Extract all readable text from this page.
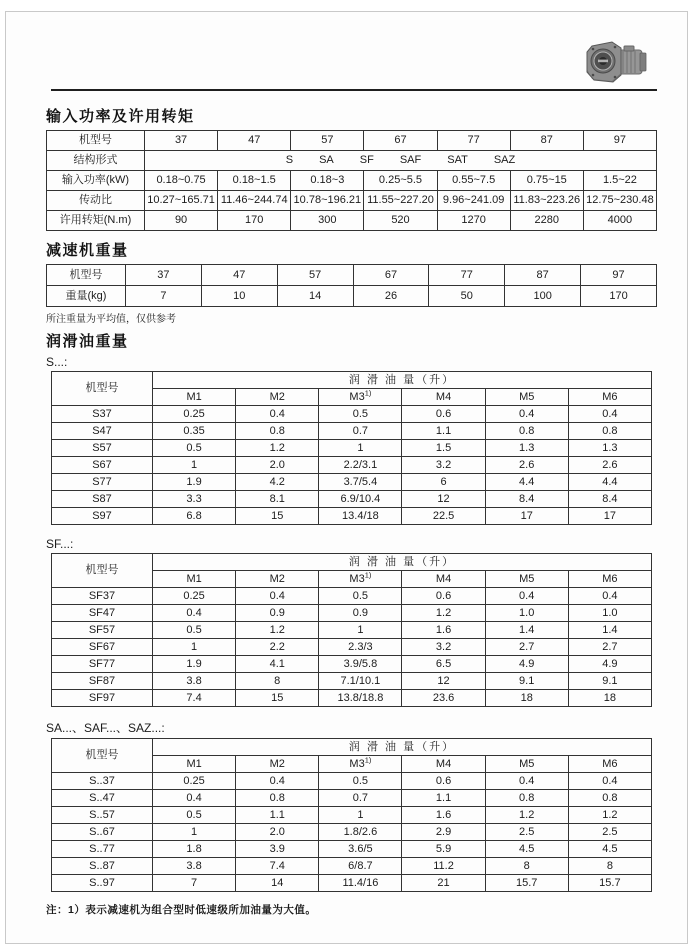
输入功率及许用转矩
机型号	37	47	57	67	77	87	97
结构形式	S SA SF SAF SAT SAZ

输入功率(kW)	0.18~0.75	0.18~1.5	0.18~3	0.25~5.5	0.55~7.5	0.75~15	1.5~22
传动比	10.27~165.71	11.46~244.74	10.78~196.21	11.55~227.20	9.96~241.09	11.83~223.26	12.75~230.48
许用转矩(N.m)	90	170	300	520	1270	2280	4000
减速机重量
机型号	37	47	57	67	77	87	97
重量(kg)	7	10	14	26	50	100	170
所注重量为平均值，仅供参考
润滑油重量
S...:
机型号	润 滑 油 量（升）					
	M1	M2	M3$^{1)}$	M4	M5	M6
S37	0.25	0.4	0.5	0.6	0.4	0.4
S47	0.35	0.8	0.7	1.1	0.8	0.8
S57	0.5	1.2	1	1.5	1.3	1.3
S67	1	2.0	2.2/3.1	3.2	2.6	2.6
S77	1.9	4.2	3.7/5.4	6	4.4	4.4
S87	3.3	8.1	6.9/10.4	12	8.4	8.4
S97	6.8	15	13.4/18	22.5	17	17
SF...:
机型号	润 滑 油 量（升）					
	M1	M2	M3$^{1)}$	M4	M5	M6
SF37	0.25	0.4	0.5	0.6	0.4	0.4
SF47	0.4	0.9	0.9	1.2	1.0	1.0
SF57	0.5	1.2	1	1.6	1.4	1.4
SF67	1	2.2	2.3/3	3.2	2.7	2.7
SF77	1.9	4.1	3.9/5.8	6.5	4.9	4.9
SF87	3.8	8	7.1/10.1	12	9.1	9.1
SF97	7.4	15	13.8/18.8	23.6	18	18
SA...、SAF...、SAZ...:
机型号	润 滑 油 量（升）					
	M1	M2	M3$^{1)}$	M4	M5	M6
S..37	0.25	0.4	0.5	0.6	0.4	0.4
S..47	0.4	0.8	0.7	1.1	0.8	0.8
S..57	0.5	1.1	1	1.6	1.2	1.2
S..67	1	2.0	1.8/2.6	2.9	2.5	2.5
S..77	1.8	3.9	3.6/5	5.9	4.5	4.5
S..87	3.8	7.4	6/8.7	11.2	8	8
S..97	7	14	11.4/16	21	15.7	15.7
注：1）表示减速机为组合型时低速级所加油量为大值。
